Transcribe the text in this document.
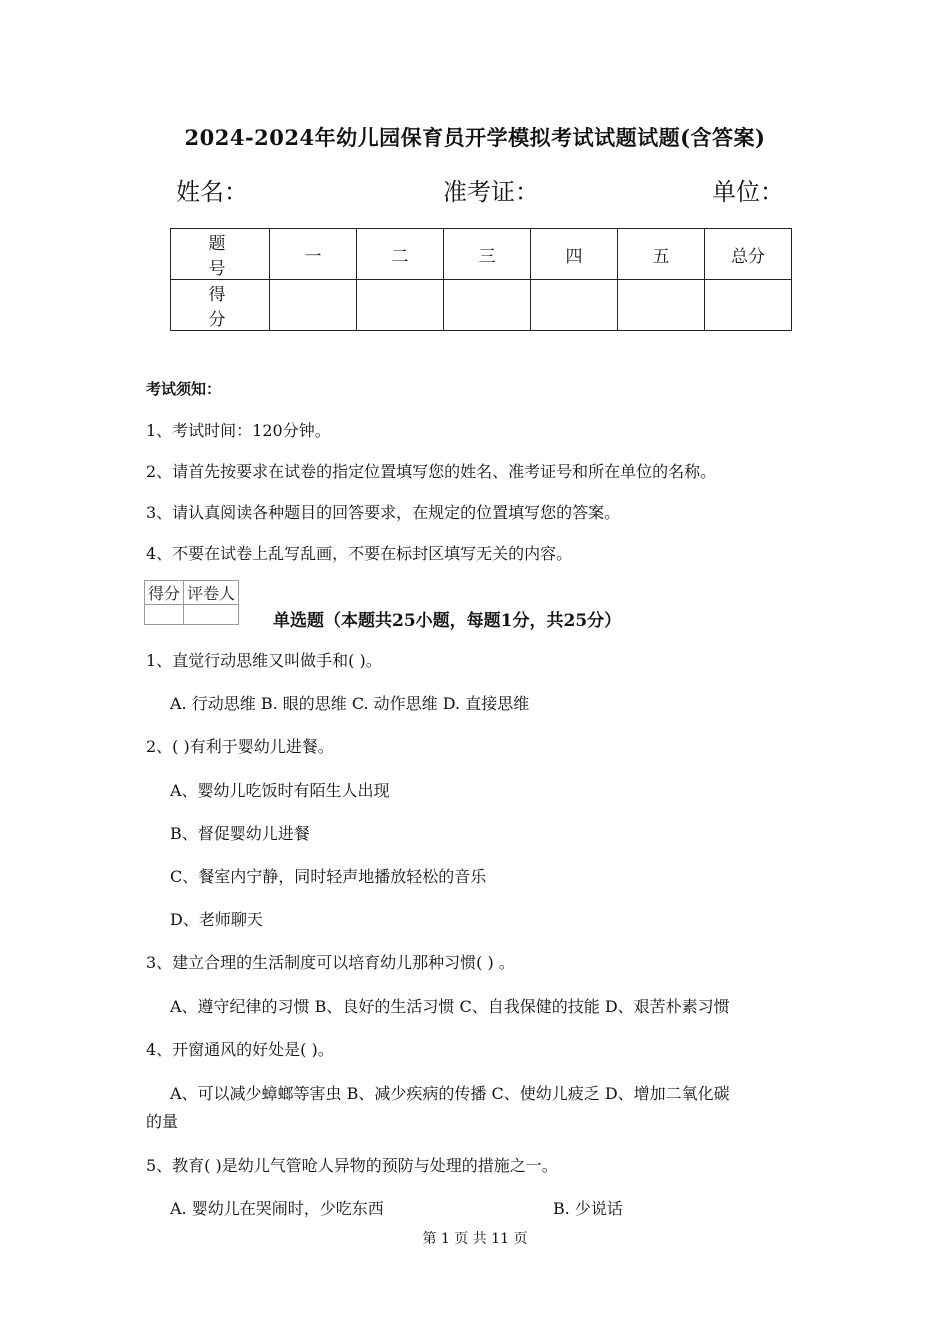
2024-2024年幼儿园保育员开学模拟考试试题试题(含答案)
姓名：	准考证：	单位：
题 号	一	二	三	四	五	总分
得 分						
考试须知：
1、考试时间：120分钟。
2、请首先按要求在试卷的指定位置填写您的姓名、准考证号和所在单位的名称。
3、请认真阅读各种题目的回答要求，在规定的位置填写您的答案。
4、不要在试卷上乱写乱画，不要在标封区填写无关的内容。
得分	评卷人

单选题（本题共25小题，每题1分，共25分）
1、直觉行动思维又叫做手和( )。
A. 行动思维 B. 眼的思维 C. 动作思维 D. 直接思维
2、( )有利于婴幼儿进餐。
A、婴幼儿吃饭时有陌生人出现
B、督促婴幼儿进餐
C、餐室内宁静，同时轻声地播放轻松的音乐
D、老师聊天
3、建立合理的生活制度可以培育幼儿那种习惯( ) 。
A、遵守纪律的习惯 B、良好的生活习惯 C、自我保健的技能 D、艰苦朴素习惯
4、开窗通风的好处是( )。
A、可以减少蟑螂等害虫 B、减少疾病的传播 C、使幼儿疲乏 D、增加二氧化碳
的量
5、教育( )是幼儿气管呛人异物的预防与处理的措施之一。
A. 婴幼儿在哭闹时，少吃东西	B. 少说话
第 1 页 共 11 页
